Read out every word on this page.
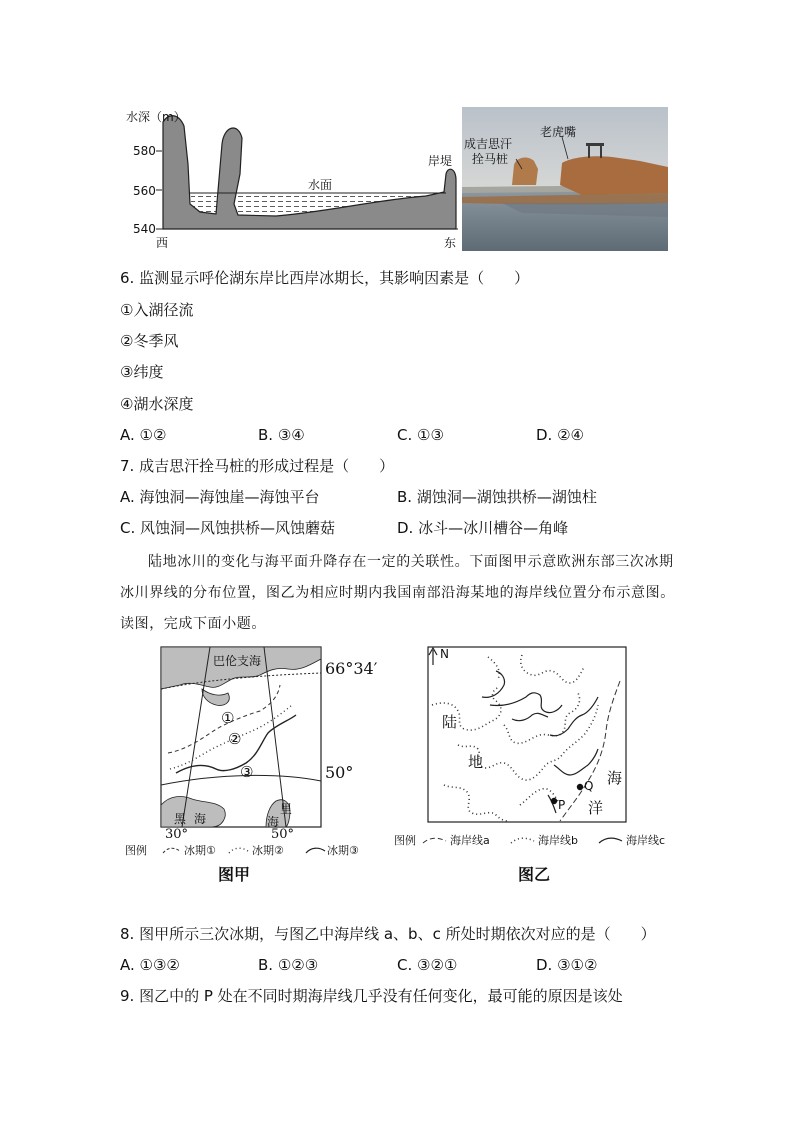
水深（m）
580
560
540
水面
岸堤
西	东
成吉思汗
拴马桩
老虎嘴
6. 监测显示呼伦湖东岸比西岸冰期长，其影响因素是（　　）
①入湖径流
②冬季风
③纬度
④湖水深度
A. ①②	B. ③④	C. ①③	D. ②④
7. 成吉思汗拴马桩的形成过程是（　　）
A. 海蚀洞—海蚀崖—海蚀平台	B. 湖蚀洞—湖蚀拱桥—湖蚀柱
C. 风蚀洞—风蚀拱桥—风蚀蘑菇	D. 冰斗—冰川槽谷—角峰
陆地冰川的变化与海平面升降存在一定的关联性。下面图甲示意欧洲东部三次冰期冰川界线的分布位置，图乙为相应时期内我国南部沿海某地的海岸线位置分布示意图。读图，完成下面小题。
巴伦支海	66°34′
50°
①
②
③
黑 海
里
海
30°	50°
图例	冰期①	冰期②	冰期③
图甲
N
陆
地
海
洋
P
Q
图例	海岸线a	海岸线b	海岸线c
图乙
8. 图甲所示三次冰期，与图乙中海岸线 a、b、c 所处时期依次对应的是（　　）
A. ①③②	B. ①②③	C. ③②①	D. ③①②
9. 图乙中的 P 处在不同时期海岸线几乎没有任何变化，最可能的原因是该处
